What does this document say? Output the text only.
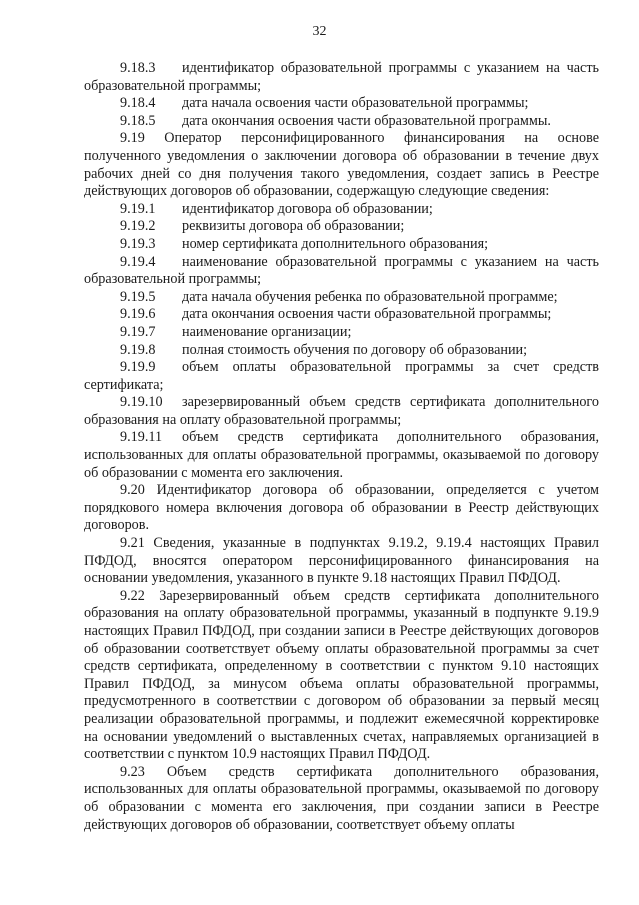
32

9.18.3 идентификатор образовательной программы с указанием на часть образовательной программы;

9.18.4	дата начала освоения части образовательной программы;

9.18.5	дата окончания освоения части образовательной программы.

9.19 Оператор персонифицированного финансирования на основе полученного уведомления о заключении договора об образовании в течение двух рабочих дней со дня получения такого уведомления, создает запись в Реестре действующих договоров об образовании, содержащую следующие сведения:

9.19.1	идентификатор договора об образовании;

9.19.2	реквизиты договора об образовании;

9.19.3	номер сертификата дополнительного образования;

9.19.4 наименование образовательной программы с указанием на часть образовательной программы;

9.19.5	дата начала обучения ребенка по образовательной программе;

9.19.6	дата окончания освоения части образовательной программы;

9.19.7	наименование организации;

9.19.8	полная стоимость обучения по договору об образовании;

9.19.9 объем оплаты образовательной программы за счет средств сертификата;

9.19.10 зарезервированный объем средств сертификата дополнительного образования на оплату образовательной программы;

9.19.11 объем средств сертификата дополнительного образования, использованных для оплаты образовательной программы, оказываемой по договору об образовании с момента его заключения.

9.20 Идентификатор договора об образовании, определяется с учетом порядкового номера включения договора об образовании в Реестр действующих договоров.

9.21 Сведения, указанные в подпунктах 9.19.2, 9.19.4 настоящих Правил ПФДОД, вносятся оператором персонифицированного финансирования на основании уведомления, указанного в пункте 9.18 настоящих Правил ПФДОД.

9.22 Зарезервированный объем средств сертификата дополнительного образования на оплату образовательной программы, указанный в подпункте 9.19.9 настоящих Правил ПФДОД, при создании записи в Реестре действующих договоров об образовании соответствует объему оплаты образовательной программы за счет средств сертификата, определенному в соответствии с пунктом 9.10 настоящих Правил ПФДОД, за минусом объема оплаты образовательной программы, предусмотренного в соответствии с договором об образовании за первый месяц реализации образовательной программы, и подлежит ежемесячной корректировке на основании уведомлений о выставленных счетах, направляемых организацией в соответствии с пунктом 10.9 настоящих Правил ПФДОД.

9.23 Объем средств сертификата дополнительного образования, использованных для оплаты образовательной программы, оказываемой по договору об образовании с момента его заключения, при создании записи в Реестре действующих договоров об образовании, соответствует объему оплаты
